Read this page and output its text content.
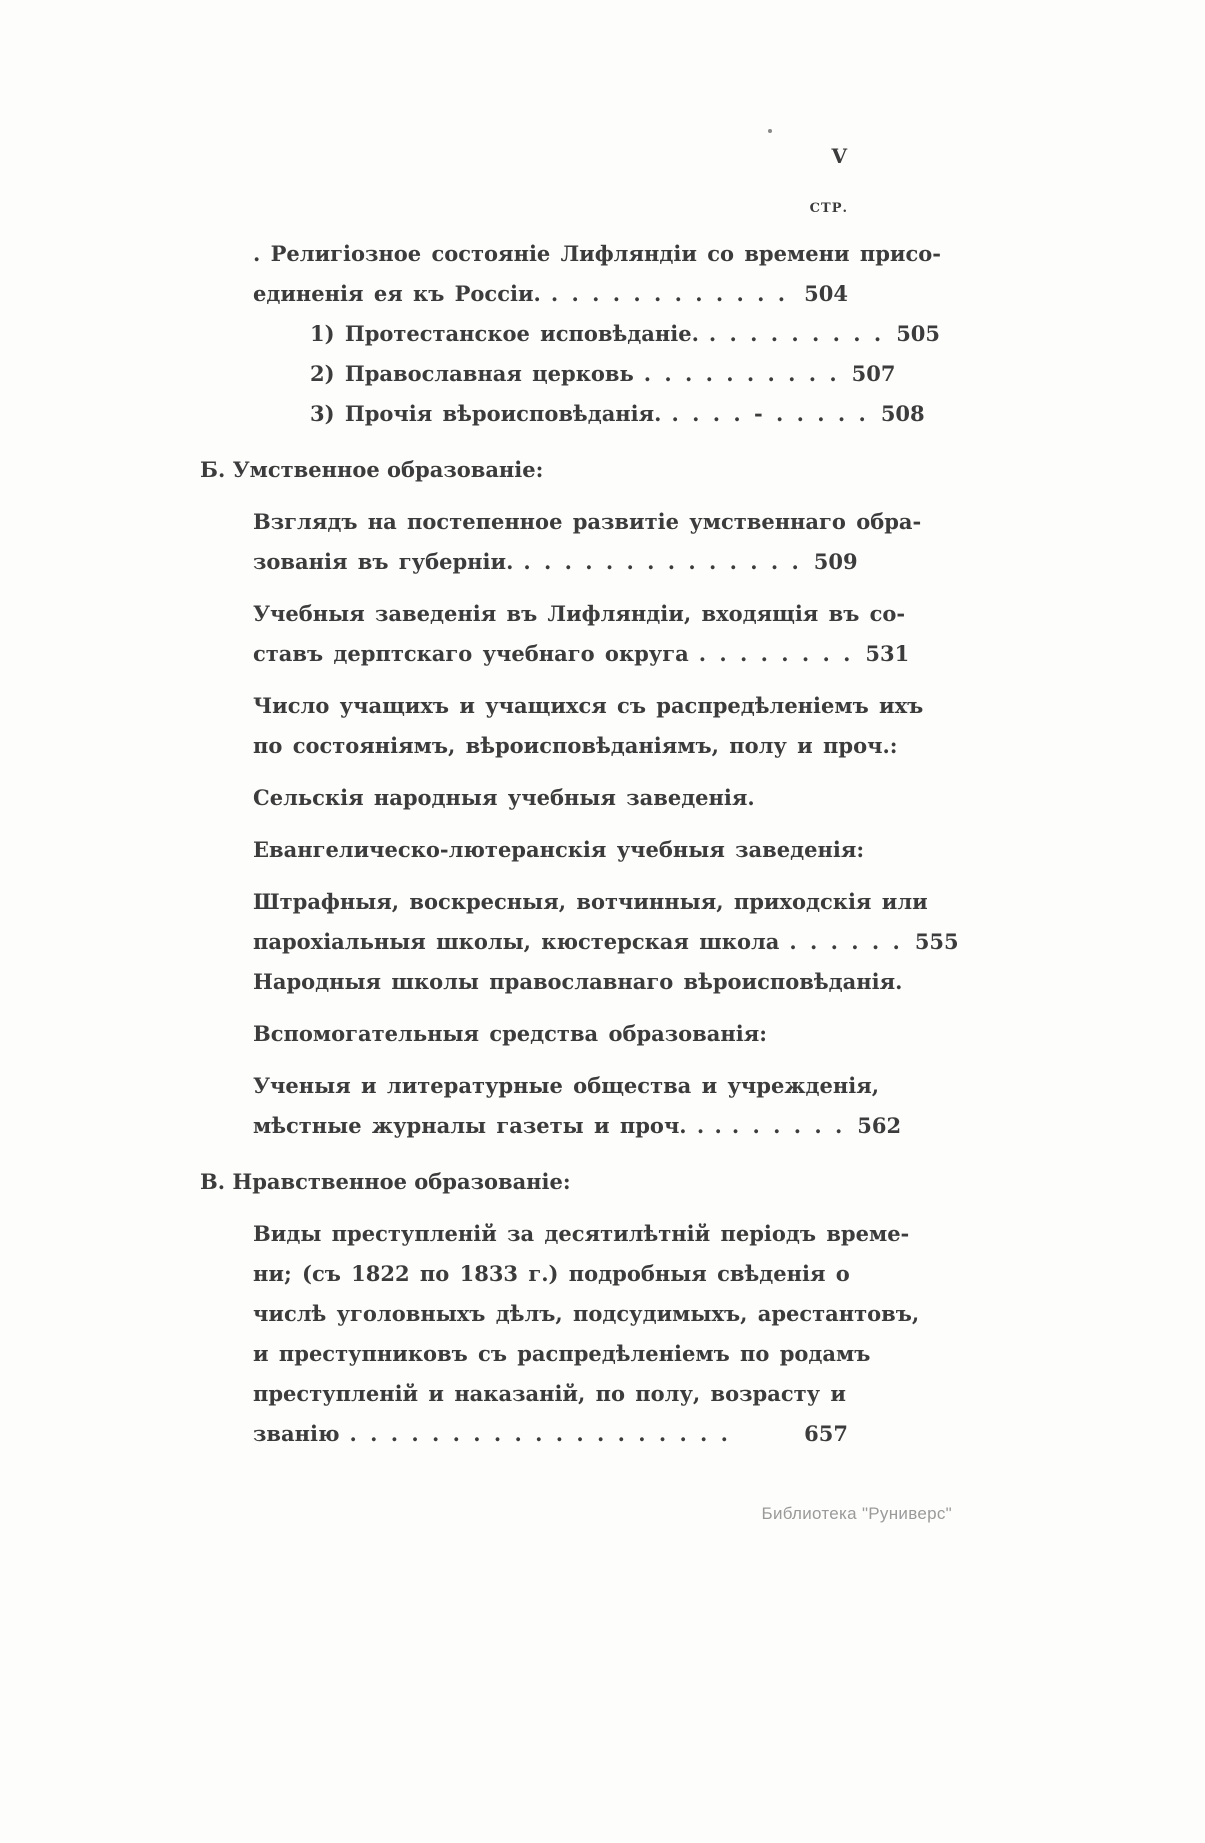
V
СТР.
. Религіозное состояніе Лифляндіи со времени присо-
единенія ея къ Россіи. . . . . . . . . . . . . 504
1) Протестанское исповѣданіе. . . . . . . . . . 505
2) Православная церковь . . . . . . . . . . 507
3) Прочія вѣроисповѣданія. . . . . - . . . . . 508
Б. Умственное образованіе:
Взглядъ на постепенное развитіе умственнаго обра-
зованія въ губерніи. . . . . . . . . . . . . . . 509
Учебныя заведенія въ Лифляндіи, входящія въ со-
ставъ дерптскаго учебнаго округа . . . . . . . . 531
Число учащихъ и учащихся съ распредѣленіемъ ихъ
по состояніямъ, вѣроисповѣданіямъ, полу и проч.:
Сельскія народныя учебныя заведенія.
Евангелическо-лютеранскія учебныя заведенія:
Штрафныя, воскресныя, вотчинныя, приходскія или
парохіальныя школы, кюстерская школа . . . . . . 555
Народныя школы православнаго вѣроисповѣданія.
Вспомогательныя средства образованія:
Ученыя и литературные общества и учрежденія,
мѣстные журналы газеты и проч. . . . . . . . . 562
В. Нравственное образованіе:
Виды преступленій за десятилѣтній періодъ време-
ни; (съ 1822 по 1833 г.) подробныя свѣденія о
числѣ уголовныхъ дѣлъ, подсудимыхъ, арестантовъ,
и преступниковъ съ распредѣленіемъ по родамъ
преступленій и наказаній, по полу, возрасту и
званію . . . . . . . . . . . . . . . . . . .	657
Библиотека "Руниверс"
